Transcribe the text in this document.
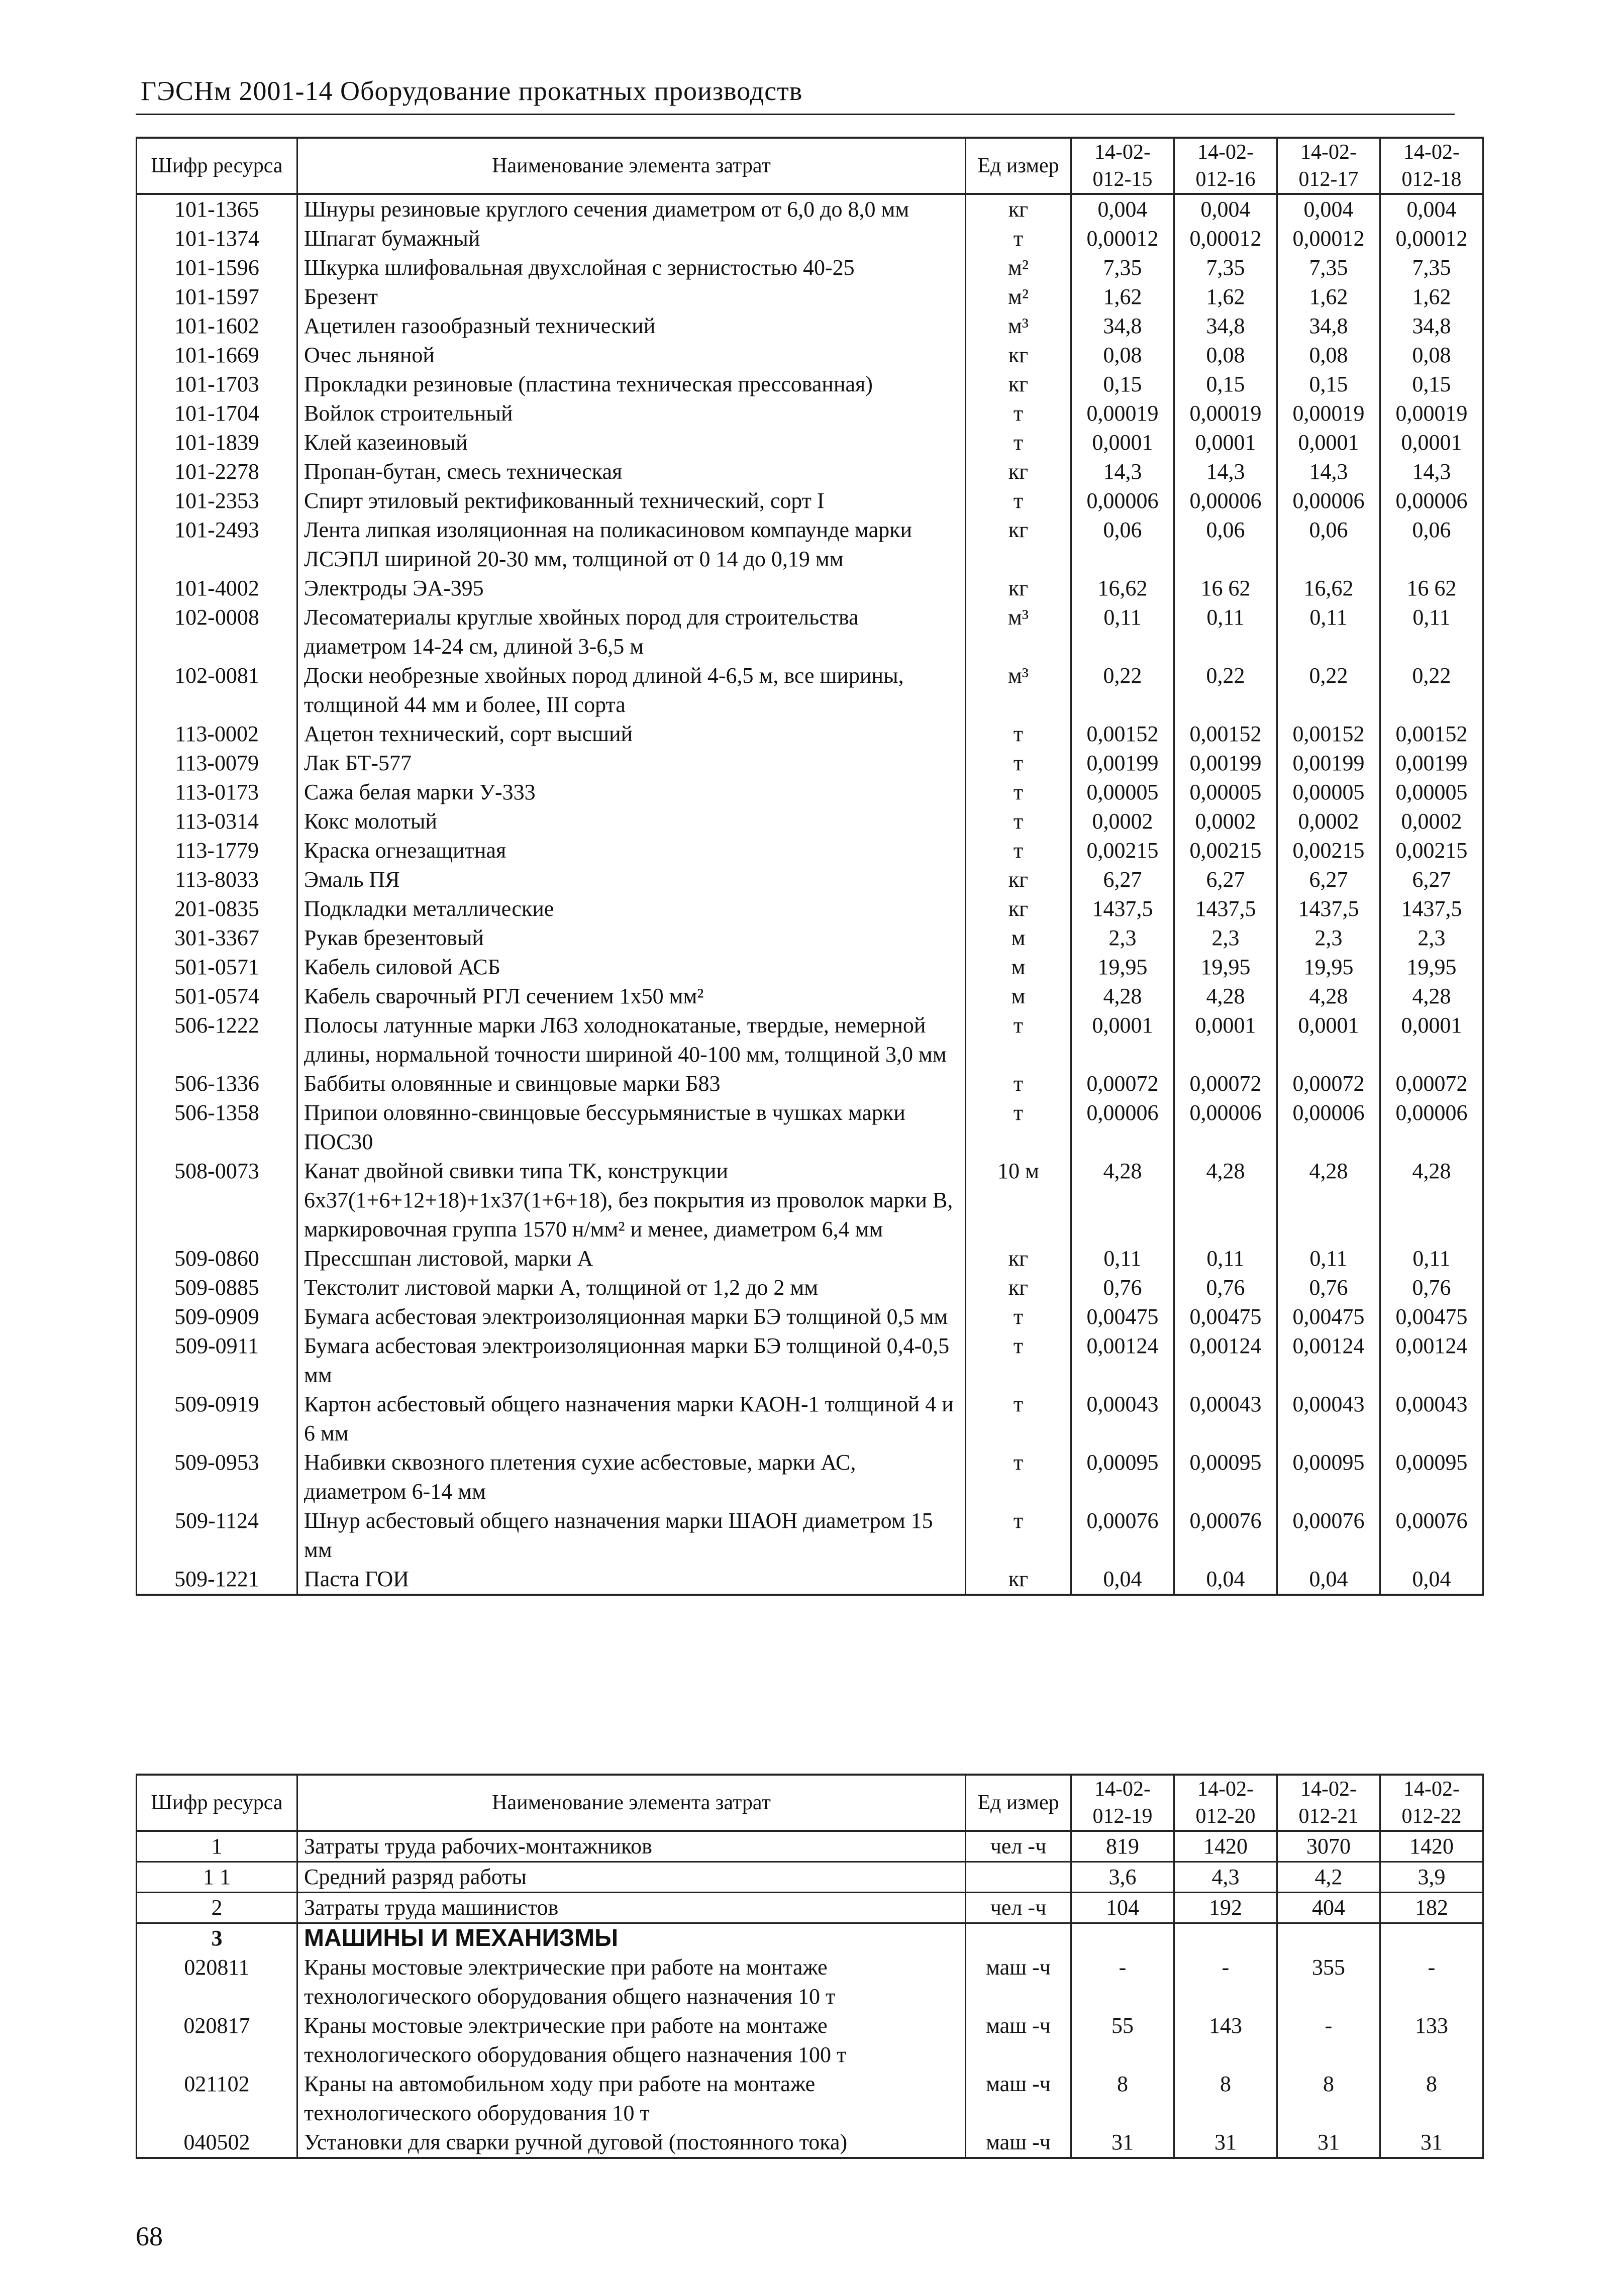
ГЭСНм 2001-14 Оборудование прокатных производств
Шифр ресурса	Наименование элемента затрат	Ед измер	14-02-012-15	14-02-012-16	14-02-012-17	14-02-012-18
101-1365	Шнуры резиновые круглого сечения диаметром от 6,0 до 8,0 мм	кг	0,004	0,004	0,004	0,004
101-1374	Шпагат бумажный	т	0,00012	0,00012	0,00012	0,00012
101-1596	Шкурка шлифовальная двухслойная с зернистостью 40-25	м²	7,35	7,35	7,35	7,35
101-1597	Брезент	м²	1,62	1,62	1,62	1,62
101-1602	Ацетилен газообразный технический	м³	34,8	34,8	34,8	34,8
101-1669	Очес льняной	кг	0,08	0,08	0,08	0,08
101-1703	Прокладки резиновые (пластина техническая прессованная)	кг	0,15	0,15	0,15	0,15
101-1704	Войлок строительный	т	0,00019	0,00019	0,00019	0,00019
101-1839	Клей казеиновый	т	0,0001	0,0001	0,0001	0,0001
101-2278	Пропан-бутан, смесь техническая	кг	14,3	14,3	14,3	14,3
101-2353	Спирт этиловый ректификованный технический, сорт I	т	0,00006	0,00006	0,00006	0,00006
101-2493	Лента липкая изоляционная на поликасиновом компаунде марки ЛСЭПЛ шириной 20-30 мм, толщиной от 0 14 до 0,19 мм	кг	0,06	0,06	0,06	0,06
101-4002	Электроды ЭА-395	кг	16,62	16 62	16,62	16 62
102-0008	Лесоматериалы круглые хвойных пород для строительства диаметром 14-24 см, длиной 3-6,5 м	м³	0,11	0,11	0,11	0,11
102-0081	Доски необрезные хвойных пород длиной 4-6,5 м, все ширины, толщиной 44 мм и более, III сорта	м³	0,22	0,22	0,22	0,22
113-0002	Ацетон технический, сорт высший	т	0,00152	0,00152	0,00152	0,00152
113-0079	Лак БТ-577	т	0,00199	0,00199	0,00199	0,00199
113-0173	Сажа белая марки У-333	т	0,00005	0,00005	0,00005	0,00005
113-0314	Кокс молотый	т	0,0002	0,0002	0,0002	0,0002
113-1779	Краска огнезащитная	т	0,00215	0,00215	0,00215	0,00215
113-8033	Эмаль ПЯ	кг	6,27	6,27	6,27	6,27
201-0835	Подкладки металлические	кг	1437,5	1437,5	1437,5	1437,5
301-3367	Рукав брезентовый	м	2,3	2,3	2,3	2,3
501-0571	Кабель силовой АСБ	м	19,95	19,95	19,95	19,95
501-0574	Кабель сварочный РГЛ сечением 1х50 мм²	м	4,28	4,28	4,28	4,28
506-1222	Полосы латунные марки Л63 холоднокатаные, твердые, немерной длины, нормальной точности шириной 40-100 мм, толщиной 3,0 мм	т	0,0001	0,0001	0,0001	0,0001
506-1336	Баббиты оловянные и свинцовые марки Б83	т	0,00072	0,00072	0,00072	0,00072
506-1358	Припои оловянно-свинцовые бессурьмянистые в чушках марки ПОС30	т	0,00006	0,00006	0,00006	0,00006
508-0073	Канат двойной свивки типа ТК, конструкции 6х37(1+6+12+18)+1х37(1+6+18), без покрытия из проволок марки В, маркировочная группа 1570 н/мм² и менее, диаметром 6,4 мм	10 м	4,28	4,28	4,28	4,28
509-0860	Прессшпан листовой, марки А	кг	0,11	0,11	0,11	0,11
509-0885	Текстолит листовой марки А, толщиной от 1,2 до 2 мм	кг	0,76	0,76	0,76	0,76
509-0909	Бумага асбестовая электроизоляционная марки БЭ толщиной 0,5 мм	т	0,00475	0,00475	0,00475	0,00475
509-0911	Бумага асбестовая электроизоляционная марки БЭ толщиной 0,4-0,5 мм	т	0,00124	0,00124	0,00124	0,00124
509-0919	Картон асбестовый общего назначения марки КАОН-1 толщиной 4 и 6 мм	т	0,00043	0,00043	0,00043	0,00043
509-0953	Набивки сквозного плетения сухие асбестовые, марки АС, диаметром 6-14 мм	т	0,00095	0,00095	0,00095	0,00095
509-1124	Шнур асбестовый общего назначения марки ШАОН диаметром 15 мм	т	0,00076	0,00076	0,00076	0,00076
509-1221	Паста ГОИ	кг	0,04	0,04	0,04	0,04
Шифр ресурса	Наименование элемента затрат	Ед измер	14-02-012-19	14-02-012-20	14-02-012-21	14-02-012-22
1	Затраты труда рабочих-монтажников	чел -ч	819	1420	3070	1420
1 1	Средний разряд работы		3,6	4,3	4,2	3,9
2	Затраты труда машинистов	чел -ч	104	192	404	182
3	МАШИНЫ И МЕХАНИЗМЫ					
020811	Краны мостовые электрические при работе на монтаже технологического оборудования общего назначения 10 т	маш -ч	-	-	355	-
020817	Краны мостовые электрические при работе на монтаже технологического оборудования общего назначения 100 т	маш -ч	55	143	-	133
021102	Краны на автомобильном ходу при работе на монтаже технологического оборудования 10 т	маш -ч	8	8	8	8
040502	Установки для сварки ручной дуговой (постоянного тока)	маш -ч	31	31	31	31
68
